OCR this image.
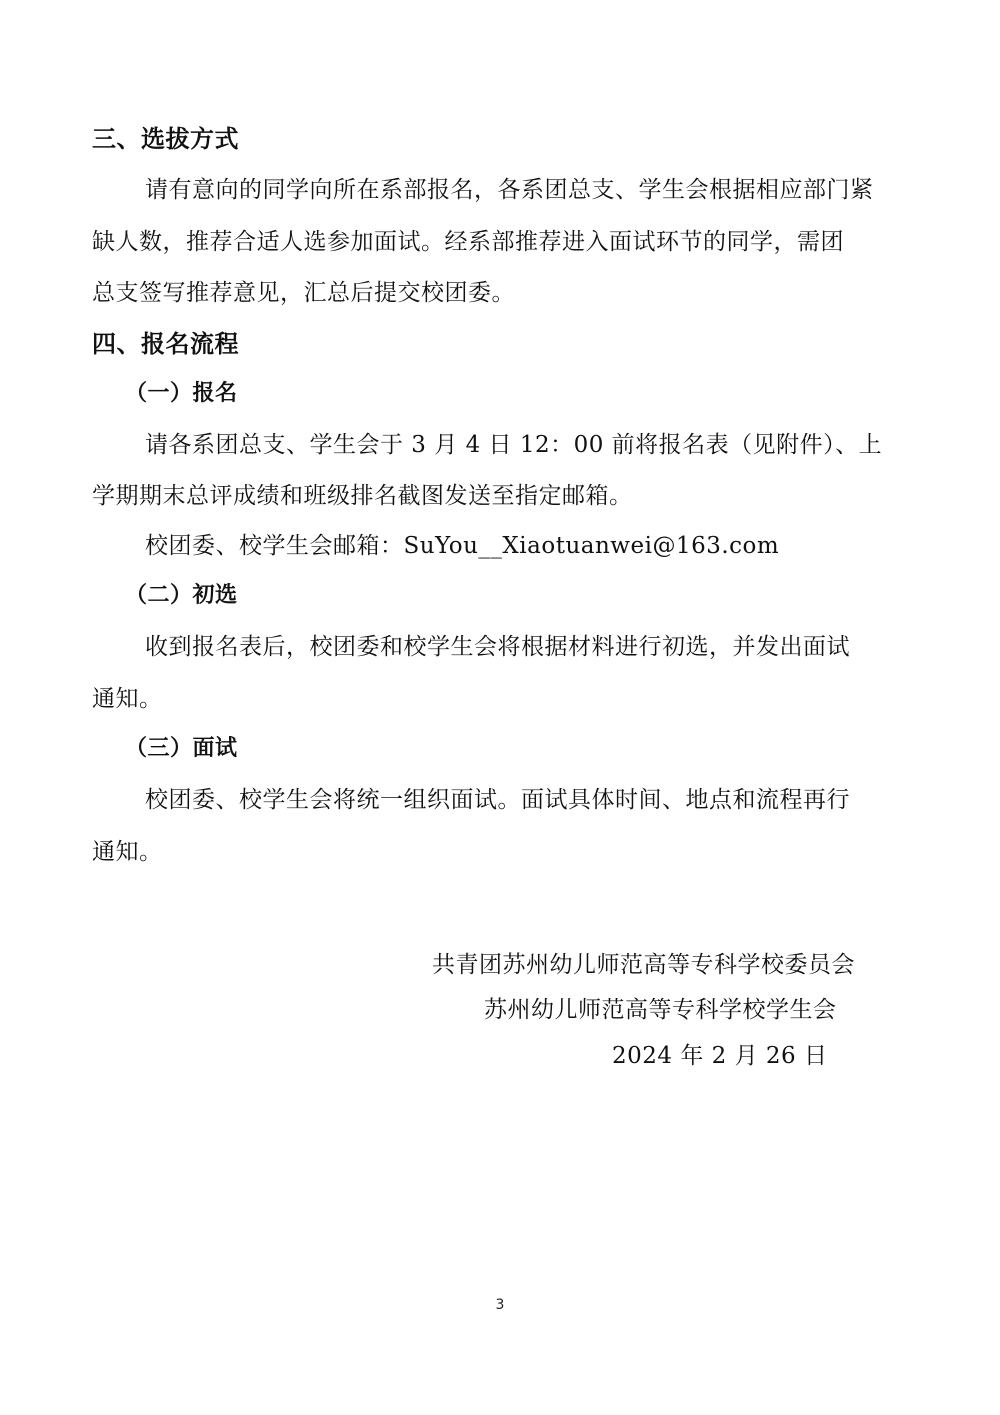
三、选拔方式
请有意向的同学向所在系部报名，各系团总支、学生会根据相应部门紧
缺人数，推荐合适人选参加面试。经系部推荐进入面试环节的同学，需团
总支签写推荐意见，汇总后提交校团委。
四、报名流程
（一）报名
请各系团总支、学生会于 3 月 4 日 12：00 前将报名表（见附件）、上
学期期末总评成绩和班级排名截图发送至指定邮箱。
校团委、校学生会邮箱：SuYou__Xiaotuanwei@163.com
（二）初选
收到报名表后，校团委和校学生会将根据材料进行初选，并发出面试
通知。
（三）面试
校团委、校学生会将统一组织面试。面试具体时间、地点和流程再行
通知。
共青团苏州幼儿师范高等专科学校委员会
苏州幼儿师范高等专科学校学生会
2024 年 2 月 26 日
3
